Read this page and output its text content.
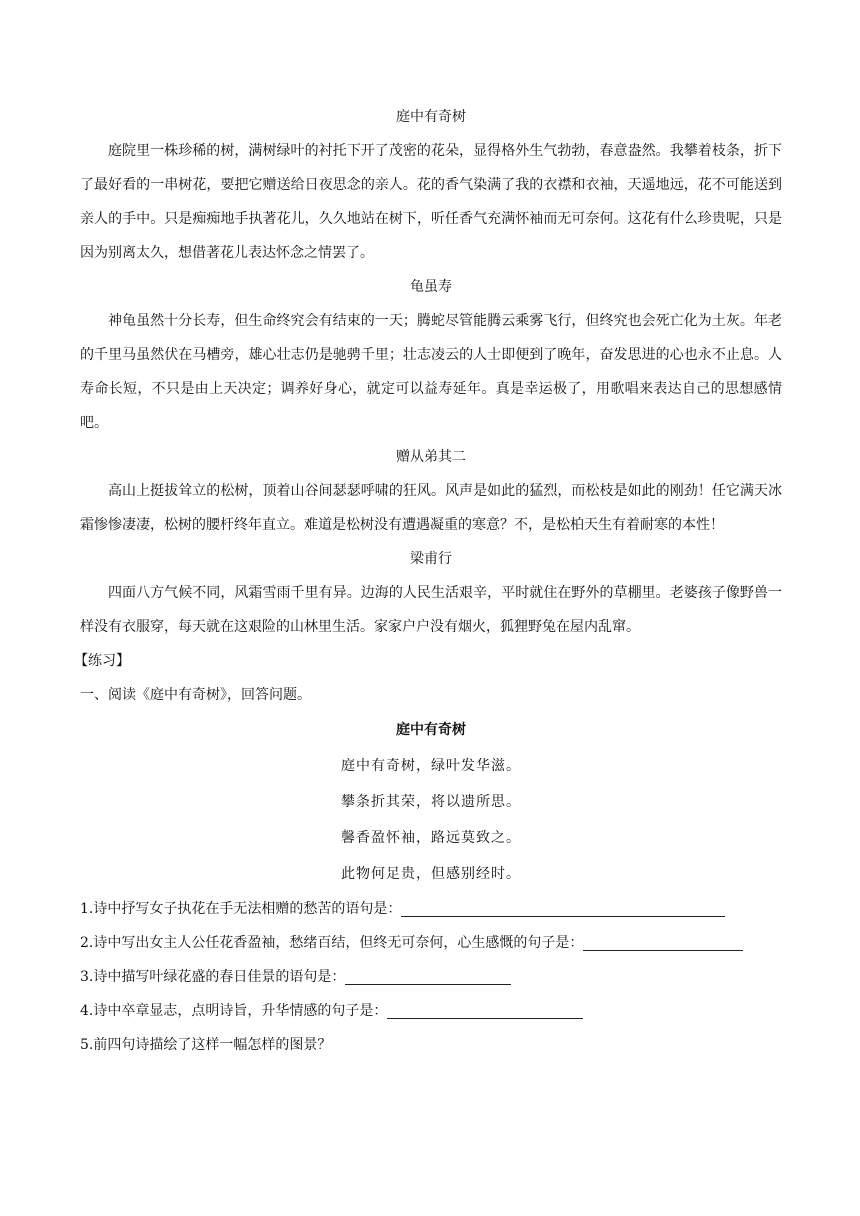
庭中有奇树

庭院里一株珍稀的树，满树绿叶的衬托下开了茂密的花朵，显得格外生气勃勃，春意盎然。我攀着枝条，折下了最好看的一串树花，要把它赠送给日夜思念的亲人。花的香气染满了我的衣襟和衣袖，天遥地远，花不可能送到亲人的手中。只是痴痴地手执著花儿，久久地站在树下，听任香气充满怀袖而无可奈何。这花有什么珍贵呢，只是因为别离太久，想借著花儿表达怀念之情罢了。

龟虽寿

神龟虽然十分长寿，但生命终究会有结束的一天；腾蛇尽管能腾云乘雾飞行，但终究也会死亡化为土灰。年老的千里马虽然伏在马槽旁，雄心壮志仍是驰骋千里；壮志凌云的人士即便到了晚年，奋发思进的心也永不止息。人寿命长短，不只是由上天决定；调养好身心，就定可以益寿延年。真是幸运极了，用歌唱来表达自己的思想感情吧。

赠从弟其二

高山上挺拔耸立的松树，顶着山谷间瑟瑟呼啸的狂风。风声是如此的猛烈，而松枝是如此的刚劲！任它满天冰霜惨惨凄凄，松树的腰杆终年直立。难道是松树没有遭遇凝重的寒意？不，是松柏天生有着耐寒的本性！

梁甫行

四面八方气候不同，风霜雪雨千里有异。边海的人民生活艰辛，平时就住在野外的草棚里。老婆孩子像野兽一样没有衣服穿，每天就在这艰险的山林里生活。家家户户没有烟火，狐狸野兔在屋内乱窜。

【练习】

一、阅读《庭中有奇树》，回答问题。

庭中有奇树

庭中有奇树，绿叶发华滋。

攀条折其荣，将以遗所思。

馨香盈怀袖，路远莫致之。

此物何足贵，但感别经时。

1.诗中抒写女子执花在手无法相赠的愁苦的语句是：

2.诗中写出女主人公任花香盈袖，愁绪百结，但终无可奈何，心生感慨的句子是：

3.诗中描写叶绿花盛的春日佳景的语句是：

4.诗中卒章显志，点明诗旨，升华情感的句子是：

5.前四句诗描绘了这样一幅怎样的图景？
